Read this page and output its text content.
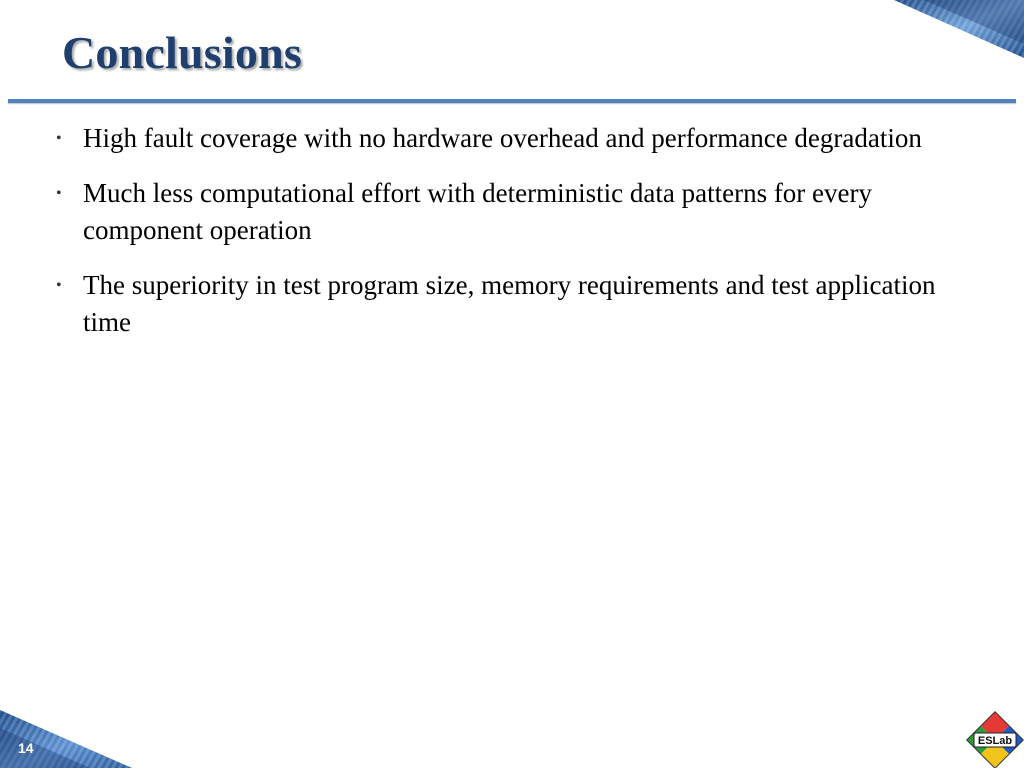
Conclusions
• High fault coverage with no hardware overhead and performance degradation
• Much less computational effort with deterministic data patterns for every component operation
• The superiority in test program size, memory requirements and test application time
14	ESLab
